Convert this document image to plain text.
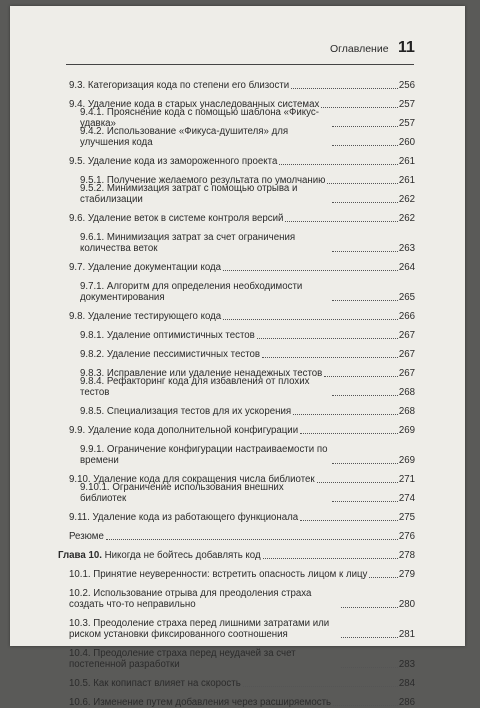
Оглавление 11
9.3. Категоризация кода по степени его близости	256
9.4. Удаление кода в старых унаследованных системах	257
9.4.1. Прояснение кода с помощью шаблона «Фикус-удавка»	257
9.4.2. Использование «Фикуса-душителя» для улучшения кода	260
9.5. Удаление кода из замороженного проекта	261
9.5.1. Получение желаемого результата по умолчанию	261
9.5.2. Минимизация затрат с помощью отрыва и стабилизации	262
9.6. Удаление веток в системе контроля версий	262
9.6.1. Минимизация затрат за счет ограничения количества веток	263
9.7. Удаление документации кода	264
9.7.1. Алгоритм для определения необходимости документирования	265
9.8. Удаление тестирующего кода	266
9.8.1. Удаление оптимистичных тестов	267
9.8.2. Удаление пессимистичных тестов	267
9.8.3. Исправление или удаление ненадежных тестов	267
9.8.4. Рефакторинг кода для избавления от плохих тестов	268
9.8.5. Специализация тестов для их ускорения	268
9.9. Удаление кода дополнительной конфигурации	269
9.9.1. Ограничение конфигурации настраиваемости по времени	269
9.10. Удаление кода для сокращения числа библиотек	271
9.10.1. Ограничение использования внешних библиотек	274
9.11. Удаление кода из работающего функционала	275
Резюме	276
Глава 10. Никогда не бойтесь добавлять код	278
10.1. Принятие неуверенности: встретить опасность лицом к лицу	279
10.2. Использование отрыва для преодоления страха создать что-то неправильно	280
10.3. Преодоление страха перед лишними затратами или риском установки фиксированного соотношения	281
10.4. Преодоление страха перед неудачей за счет постепенной разработки	283
10.5. Как копипаст влияет на скорость	284
10.6. Изменение путем добавления через расширяемость	286
